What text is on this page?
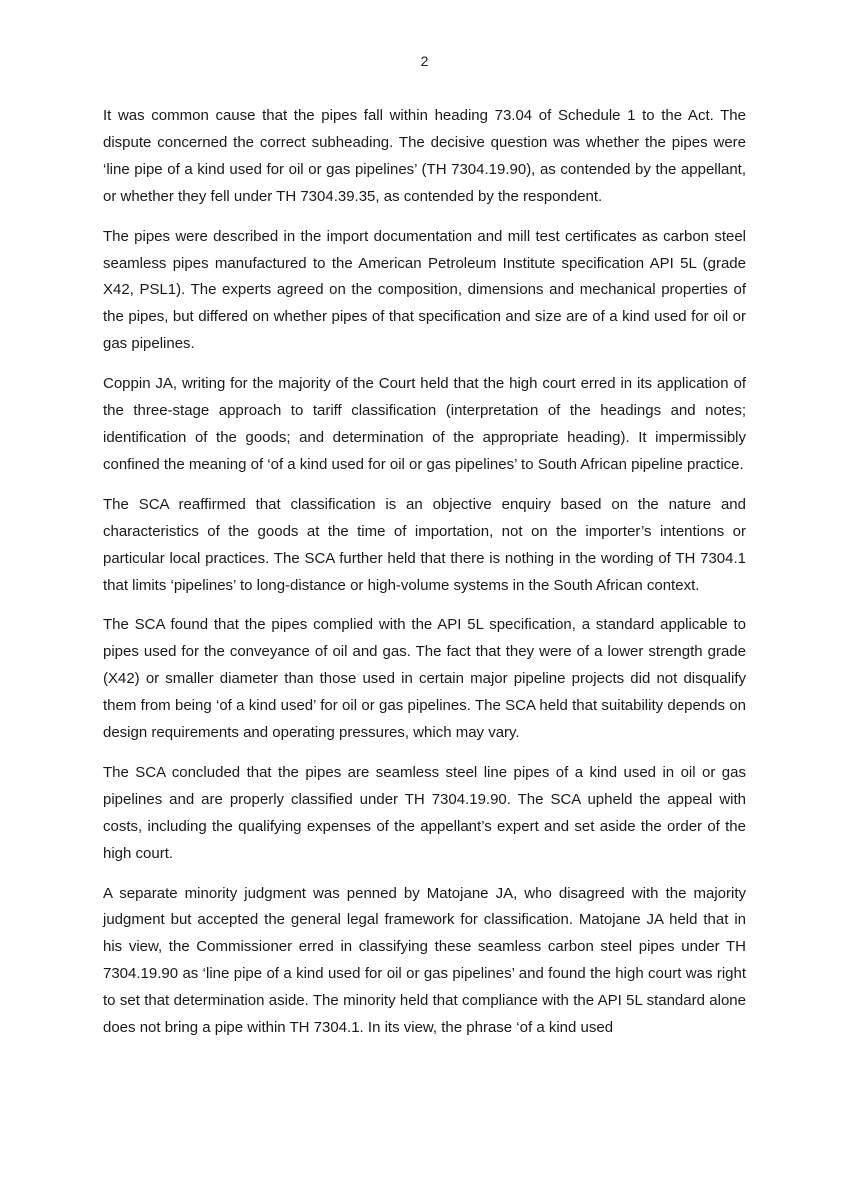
2

It was common cause that the pipes fall within heading 73.04 of Schedule 1 to the Act. The dispute concerned the correct subheading. The decisive question was whether the pipes were ‘line pipe of a kind used for oil or gas pipelines’ (TH 7304.19.90), as contended by the appellant, or whether they fell under TH 7304.39.35, as contended by the respondent.

The pipes were described in the import documentation and mill test certificates as carbon steel seamless pipes manufactured to the American Petroleum Institute specification API 5L (grade X42, PSL1). The experts agreed on the composition, dimensions and mechanical properties of the pipes, but differed on whether pipes of that specification and size are of a kind used for oil or gas pipelines.

Coppin JA, writing for the majority of the Court held that the high court erred in its application of the three-stage approach to tariff classification (interpretation of the headings and notes; identification of the goods; and determination of the appropriate heading). It impermissibly confined the meaning of ‘of a kind used for oil or gas pipelines’ to South African pipeline practice.

The SCA reaffirmed that classification is an objective enquiry based on the nature and characteristics of the goods at the time of importation, not on the importer’s intentions or particular local practices. The SCA further held that there is nothing in the wording of TH 7304.1 that limits ‘pipelines’ to long-distance or high-volume systems in the South African context.

The SCA found that the pipes complied with the API 5L specification, a standard applicable to pipes used for the conveyance of oil and gas. The fact that they were of a lower strength grade (X42) or smaller diameter than those used in certain major pipeline projects did not disqualify them from being ‘of a kind used’ for oil or gas pipelines. The SCA held that suitability depends on design requirements and operating pressures, which may vary.

The SCA concluded that the pipes are seamless steel line pipes of a kind used in oil or gas pipelines and are properly classified under TH 7304.19.90. The SCA upheld the appeal with costs, including the qualifying expenses of the appellant’s expert and set aside the order of the high court.

A separate minority judgment was penned by Matojane JA, who disagreed with the majority judgment but accepted the general legal framework for classification. Matojane JA held that in his view, the Commissioner erred in classifying these seamless carbon steel pipes under TH 7304.19.90 as ‘line pipe of a kind used for oil or gas pipelines’ and found the high court was right to set that determination aside. The minority held that compliance with the API 5L standard alone does not bring a pipe within TH 7304.1. In its view, the phrase ‘of a kind used
